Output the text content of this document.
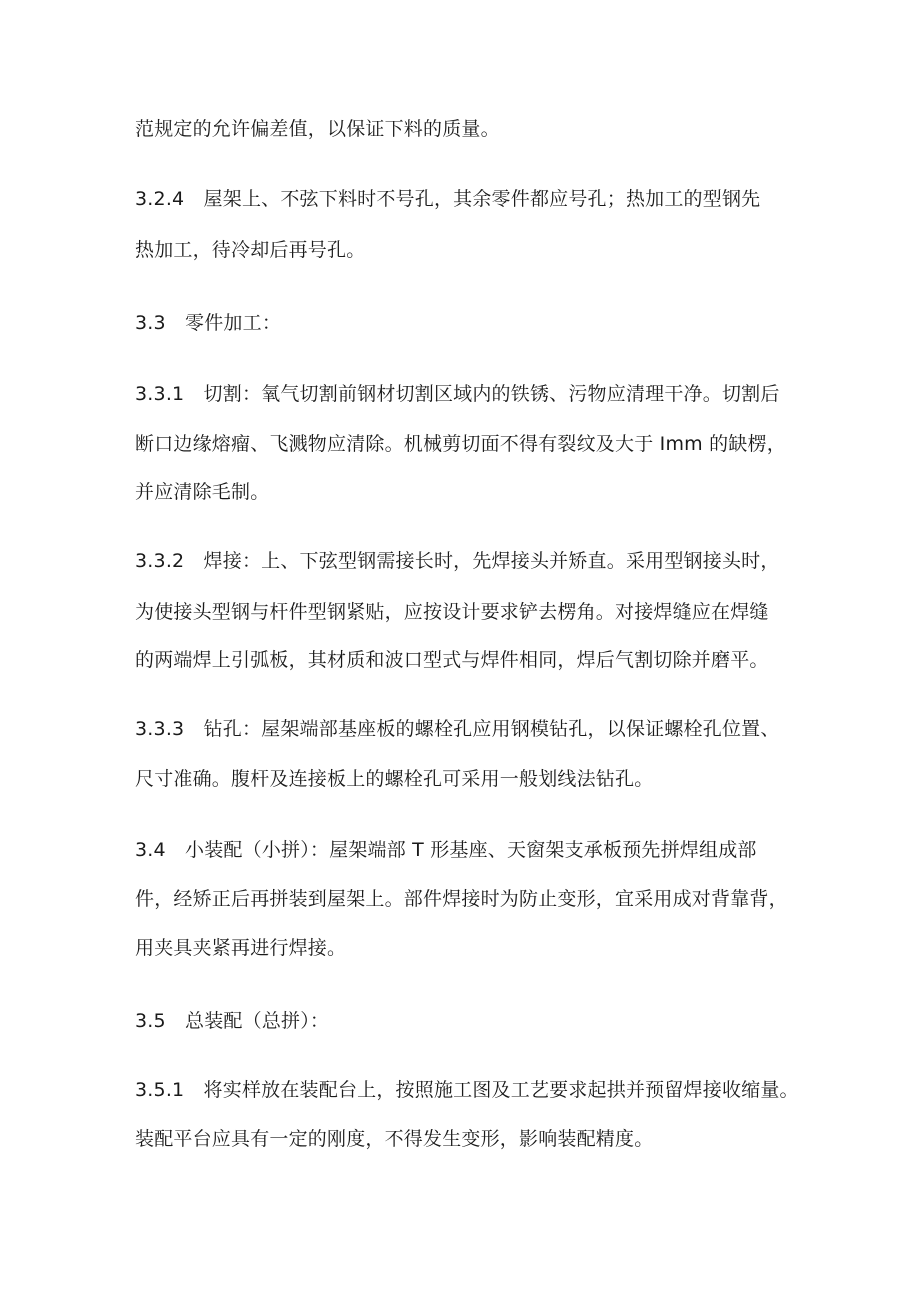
范规定的允许偏差值，以保证下料的质量。

3.2.4　屋架上、不弦下料时不号孔，其余零件都应号孔；热加工的型钢先

热加工，待冷却后再号孔。

3.3　零件加工：

3.3.1　切割：氧气切割前钢材切割区域内的铁锈、污物应清理干净。切割后

断口边缘熔瘤、飞溅物应清除。机械剪切面不得有裂纹及大于 Imm 的缺楞，

并应清除毛制。

3.3.2　焊接：上、下弦型钢需接长时，先焊接头并矫直。采用型钢接头时，

为使接头型钢与杆件型钢紧贴，应按设计要求铲去楞角。对接焊缝应在焊缝

的两端焊上引弧板，其材质和波口型式与焊件相同，焊后气割切除并磨平。

3.3.3　钻孔：屋架端部基座板的螺栓孔应用钢模钻孔，以保证螺栓孔位置、

尺寸准确。腹杆及连接板上的螺栓孔可采用一般划线法钻孔。

3.4　小装配（小拼）：屋架端部 T 形基座、天窗架支承板预先拼焊组成部

件，经矫正后再拼装到屋架上。部件焊接时为防止变形，宜采用成对背靠背，

用夹具夹紧再进行焊接。

3.5　总装配（总拼）：

3.5.1　将实样放在装配台上，按照施工图及工艺要求起拱并预留焊接收缩量。

装配平台应具有一定的刚度，不得发生变形，影响装配精度。
